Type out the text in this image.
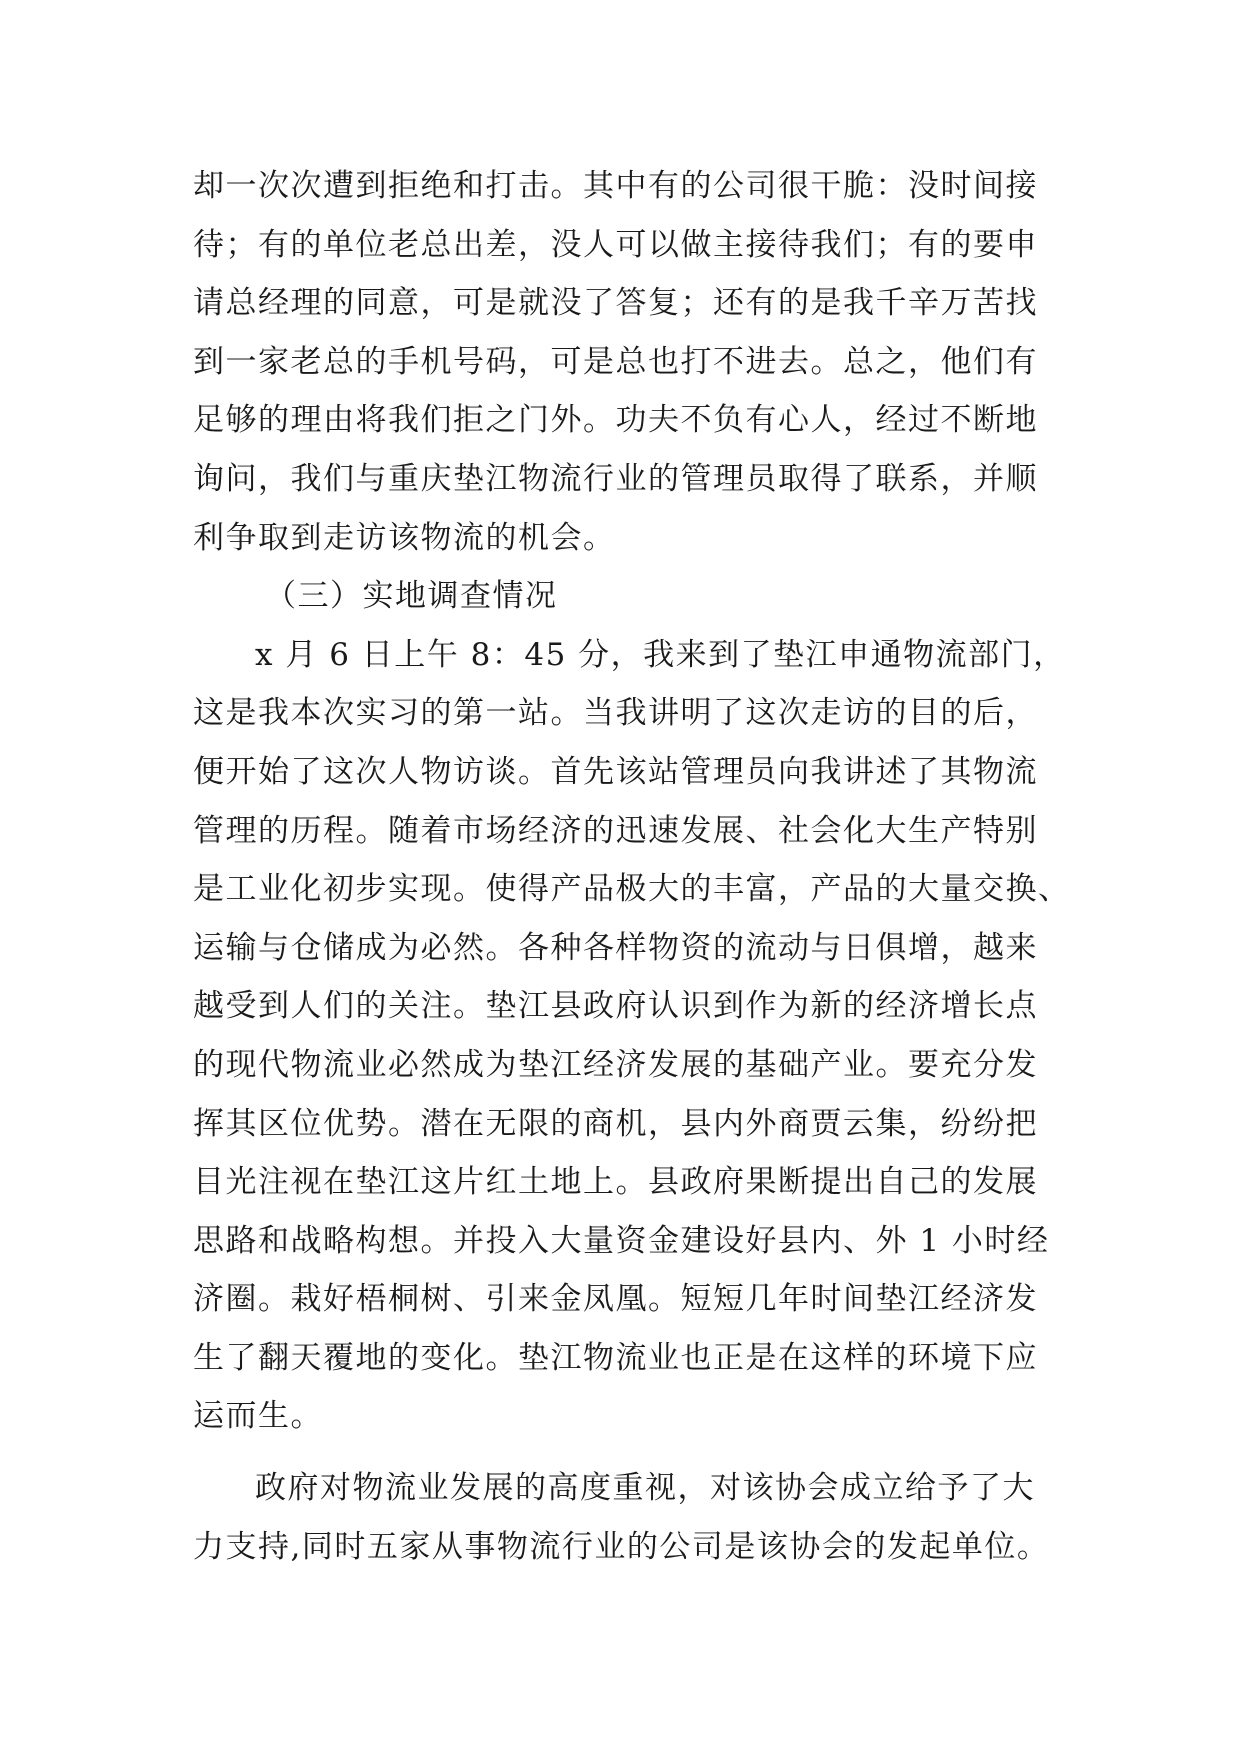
却一次次遭到拒绝和打击。其中有的公司很干脆：没时间接
待；有的单位老总出差，没人可以做主接待我们；有的要申
请总经理的同意，可是就没了答复；还有的是我千辛万苦找
到一家老总的手机号码，可是总也打不进去。总之，他们有
足够的理由将我们拒之门外。功夫不负有心人，经过不断地
询问，我们与重庆垫江物流行业的管理员取得了联系，并顺
利争取到走访该物流的机会。
（三）实地调查情况
x 月 6 日上午 8：45 分，我来到了垫江申通物流部门，
这是我本次实习的第一站。当我讲明了这次走访的目的后，
便开始了这次人物访谈。首先该站管理员向我讲述了其物流
管理的历程。随着市场经济的迅速发展、社会化大生产特别
是工业化初步实现。使得产品极大的丰富，产品的大量交换、
运输与仓储成为必然。各种各样物资的流动与日俱增，越来
越受到人们的关注。垫江县政府认识到作为新的经济增长点
的现代物流业必然成为垫江经济发展的基础产业。要充分发
挥其区位优势。潜在无限的商机，县内外商贾云集，纷纷把
目光注视在垫江这片红土地上。县政府果断提出自己的发展
思路和战略构想。并投入大量资金建设好县内、外 1 小时经
济圈。栽好梧桐树、引来金凤凰。短短几年时间垫江经济发
生了翻天覆地的变化。垫江物流业也正是在这样的环境下应
运而生。
政府对物流业发展的高度重视，对该协会成立给予了大
力支持,同时五家从事物流行业的公司是该协会的发起单位。
